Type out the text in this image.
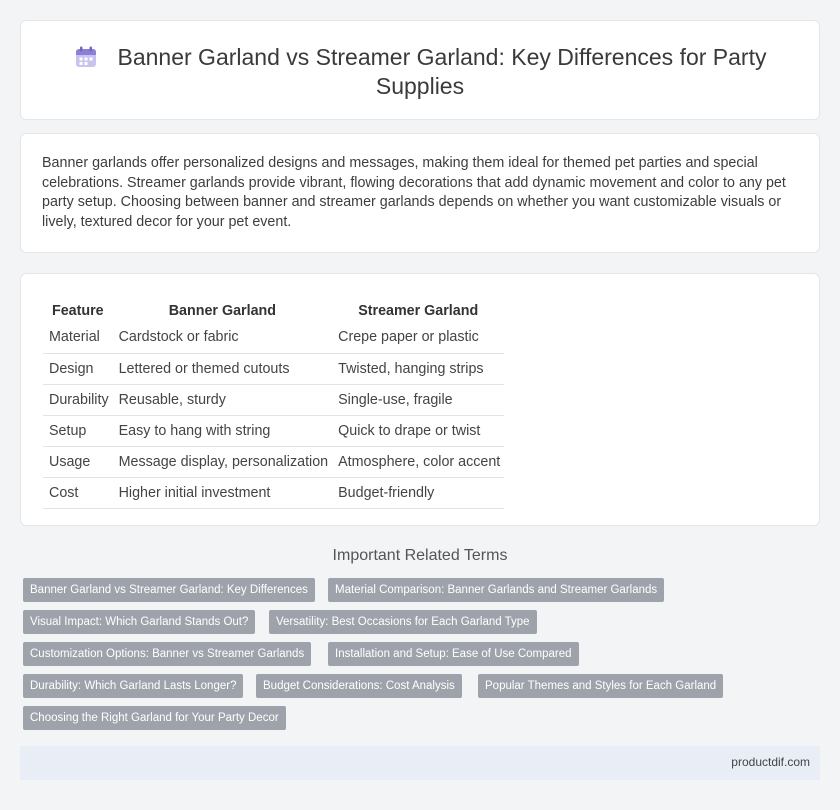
Banner Garland vs Streamer Garland: Key Differences for Party Supplies

Banner garlands offer personalized designs and messages, making them ideal for themed pet parties and special celebrations. Streamer garlands provide vibrant, flowing decorations that add dynamic movement and color to any pet party setup. Choosing between banner and streamer garlands depends on whether you want customizable visuals or lively, textured decor for your pet event.

Feature	Banner Garland	Streamer Garland
Material	Cardstock or fabric	Crepe paper or plastic
Design	Lettered or themed cutouts	Twisted, hanging strips
Durability	Reusable, sturdy	Single-use, fragile
Setup	Easy to hang with string	Quick to drape or twist
Usage	Message display, personalization	Atmosphere, color accent
Cost	Higher initial investment	Budget-friendly
Important Related Terms
Banner Garland vs Streamer Garland: Key Differences	Material Comparison: Banner Garlands and Streamer Garlands
Visual Impact: Which Garland Stands Out?	Versatility: Best Occasions for Each Garland Type
Customization Options: Banner vs Streamer Garlands	Installation and Setup: Ease of Use Compared
Durability: Which Garland Lasts Longer?	Budget Considerations: Cost Analysis	Popular Themes and Styles for Each Garland
Choosing the Right Garland for Your Party Decor
productdif.com
